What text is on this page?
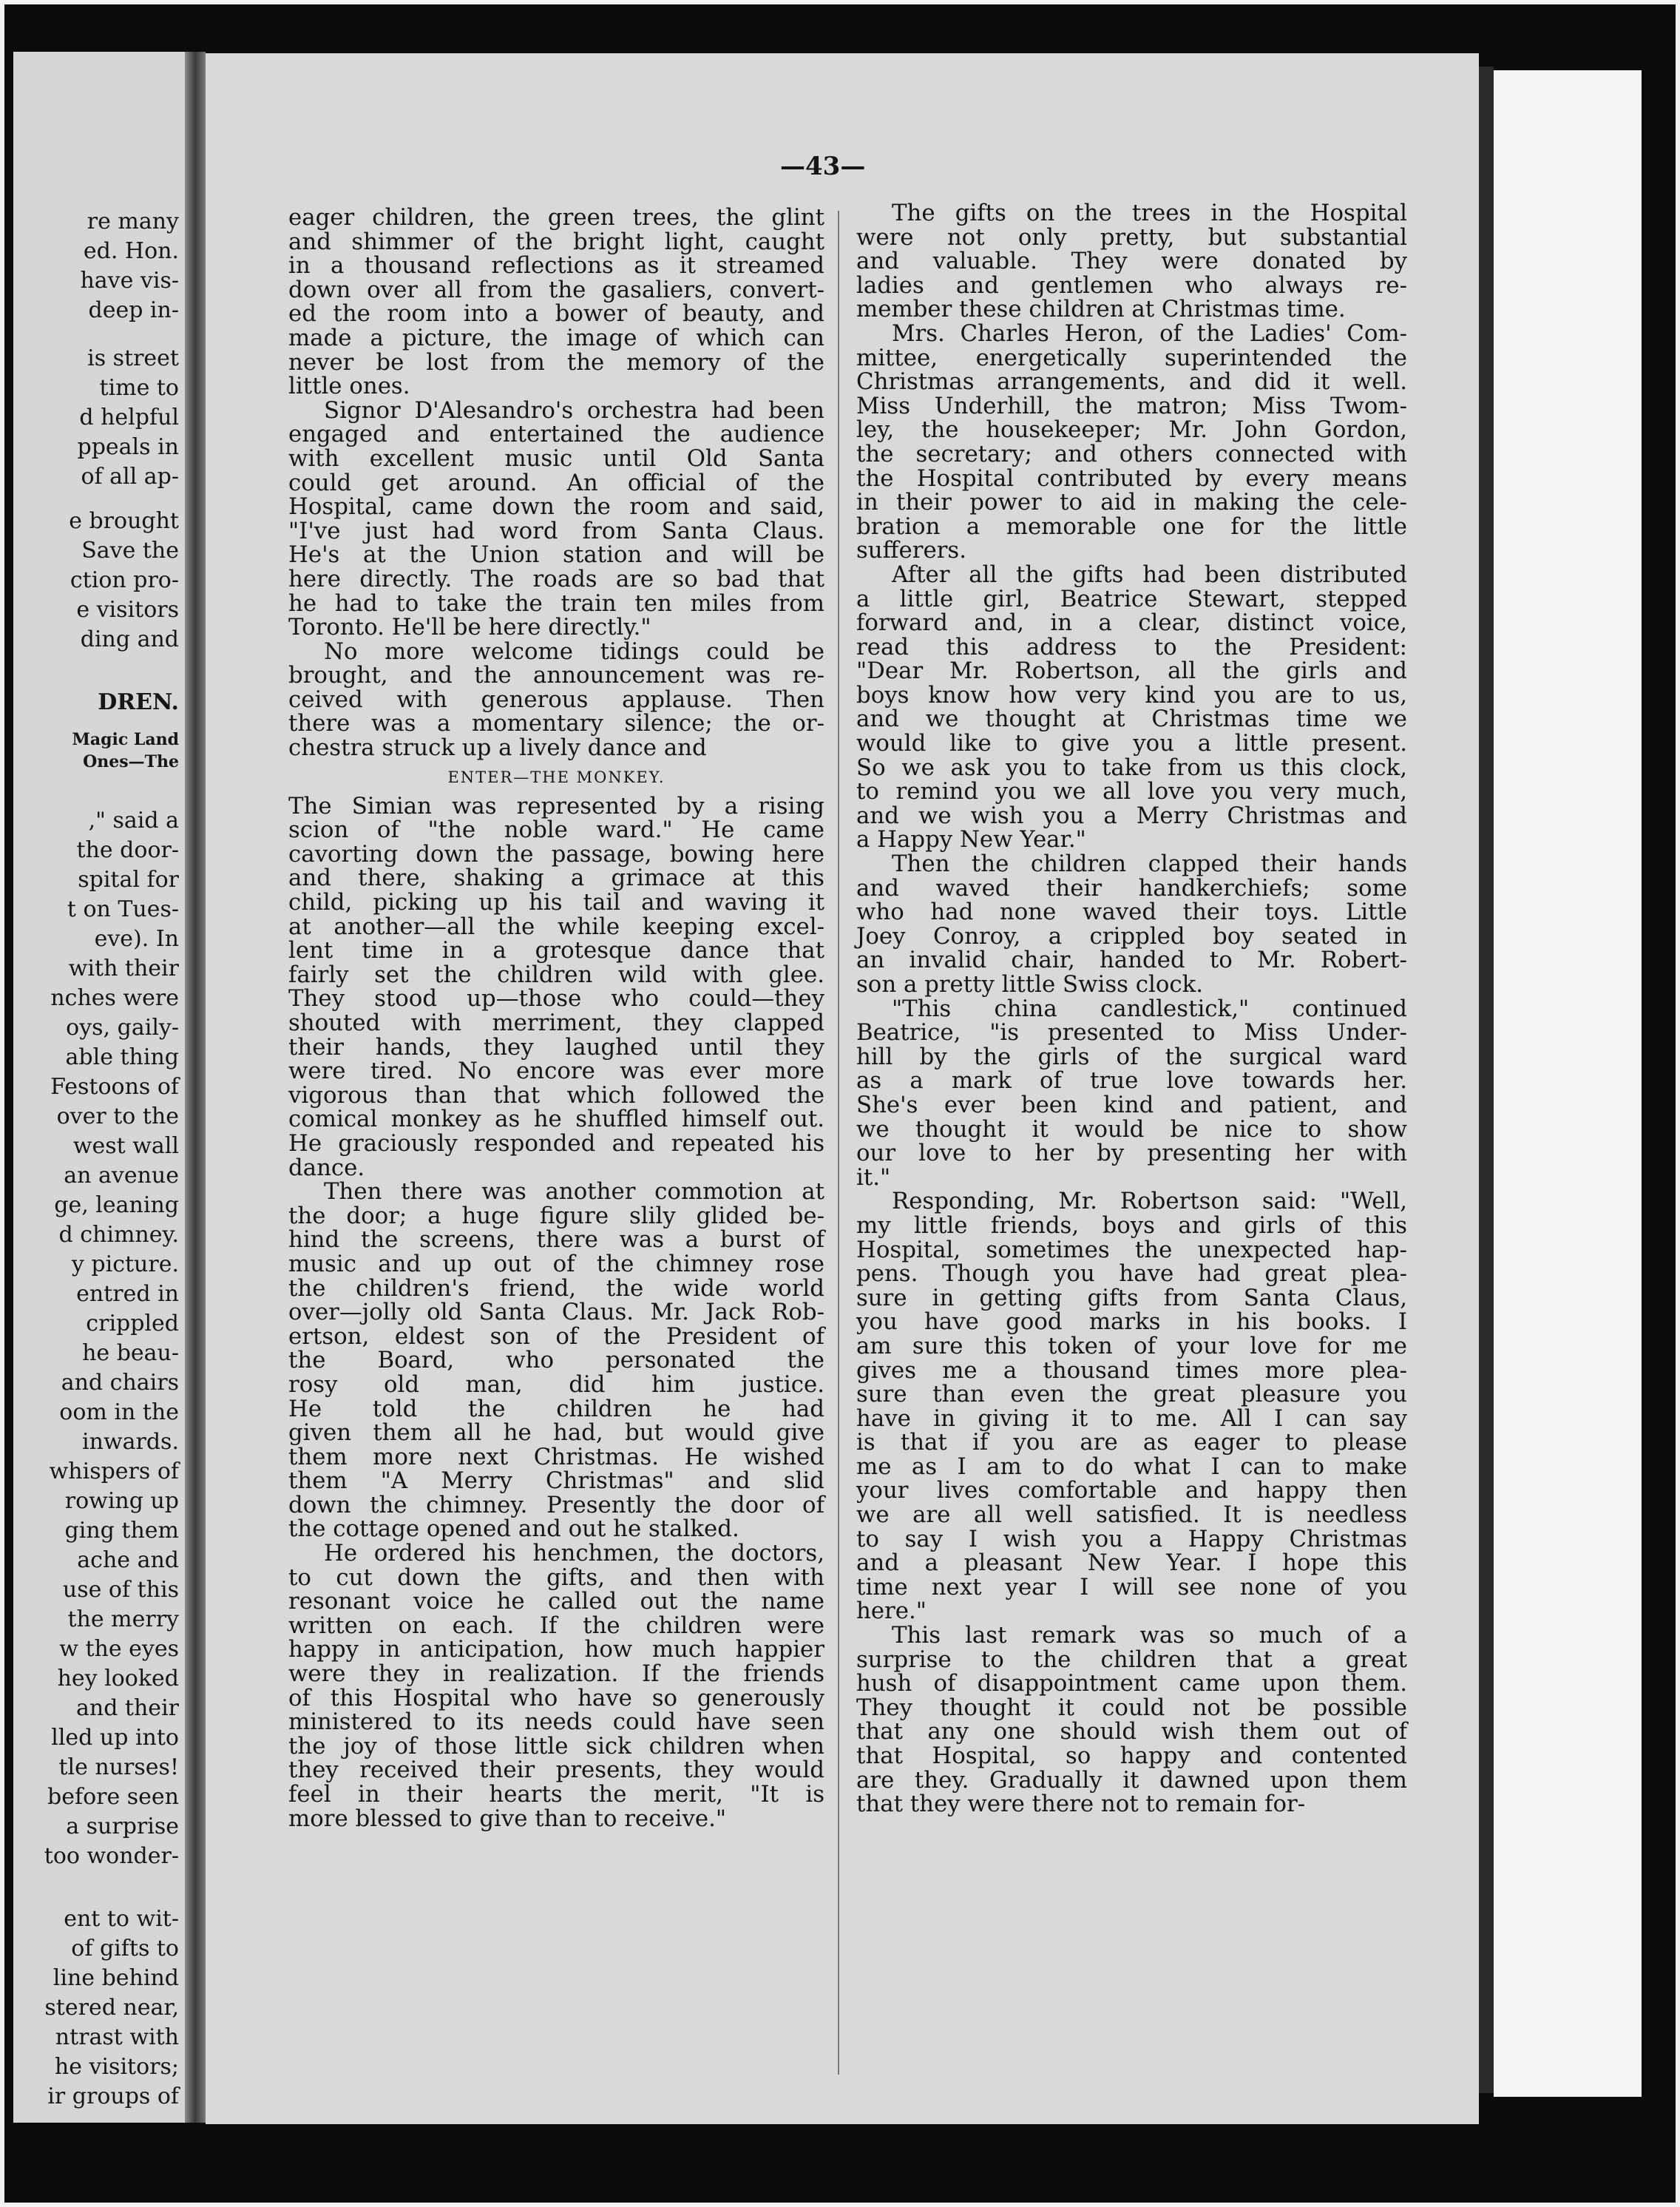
re many
ed. Hon.
have vis-
deep in-
is street
time to
d helpful
ppeals in
of all ap-
e brought
Save the
ction pro-
e visitors
ding and
DREN.
Magic Land
Ones—The
," said a
the door-
spital for
t on Tues-
eve). In
with their
nches were
oys, gaily-
able thing
Festoons of
over to the
west wall
an avenue
ge, leaning
d chimney.
y picture.
entred in
crippled
he beau-
and chairs
oom in the
inwards.
whispers of
rowing up
ging them
ache and
use of this
the merry
w the eyes
hey looked
and their
lled up into
tle nurses!
before seen
a surprise
too wonder-
ent to wit-
of gifts to
line behind
stered near,
ntrast with
he visitors;
ir groups of
—43—
eager children, the green trees, the glint
and shimmer of the bright light, caught
in a thousand reflections as it streamed
down over all from the gasaliers, convert-
ed the room into a bower of beauty, and
made a picture, the image of which can
never be lost from the memory of the
little ones.
Signor D'Alesandro's orchestra had been
engaged and entertained the audience
with excellent music until Old Santa
could get around. An official of the
Hospital, came down the room and said,
"I've just had word from Santa Claus.
He's at the Union station and will be
here directly. The roads are so bad that
he had to take the train ten miles from
Toronto. He'll be here directly."
No more welcome tidings could be
brought, and the announcement was re-
ceived with generous applause. Then
there was a momentary silence; the or-
chestra struck up a lively dance and
ENTER—THE MONKEY.
The Simian was represented by a rising
scion of "the noble ward." He came
cavorting down the passage, bowing here
and there, shaking a grimace at this
child, picking up his tail and waving it
at another—all the while keeping excel-
lent time in a grotesque dance that
fairly set the children wild with glee.
They stood up—those who could—they
shouted with merriment, they clapped
their hands, they laughed until they
were tired. No encore was ever more
vigorous than that which followed the
comical monkey as he shuffled himself out.
He graciously responded and repeated his
dance.
Then there was another commotion at
the door; a huge figure slily glided be-
hind the screens, there was a burst of
music and up out of the chimney rose
the children's friend, the wide world
over—jolly old Santa Claus. Mr. Jack Rob-
ertson, eldest son of the President of
the Board, who personated the
rosy old man, did him justice.
He told the children he had
given them all he had, but would give
them more next Christmas. He wished
them "A Merry Christmas" and slid
down the chimney. Presently the door of
the cottage opened and out he stalked.
He ordered his henchmen, the doctors,
to cut down the gifts, and then with
resonant voice he called out the name
written on each. If the children were
happy in anticipation, how much happier
were they in realization. If the friends
of this Hospital who have so generously
ministered to its needs could have seen
the joy of those little sick children when
they received their presents, they would
feel in their hearts the merit, "It is
more blessed to give than to receive."
The gifts on the trees in the Hospital
were not only pretty, but substantial
and valuable. They were donated by
ladies and gentlemen who always re-
member these children at Christmas time.
Mrs. Charles Heron, of the Ladies' Com-
mittee, energetically superintended the
Christmas arrangements, and did it well.
Miss Underhill, the matron; Miss Twom-
ley, the housekeeper; Mr. John Gordon,
the secretary; and others connected with
the Hospital contributed by every means
in their power to aid in making the cele-
bration a memorable one for the little
sufferers.
After all the gifts had been distributed
a little girl, Beatrice Stewart, stepped
forward and, in a clear, distinct voice,
read this address to the President:
"Dear Mr. Robertson, all the girls and
boys know how very kind you are to us,
and we thought at Christmas time we
would like to give you a little present.
So we ask you to take from us this clock,
to remind you we all love you very much,
and we wish you a Merry Christmas and
a Happy New Year."
Then the children clapped their hands
and waved their handkerchiefs; some
who had none waved their toys. Little
Joey Conroy, a crippled boy seated in
an invalid chair, handed to Mr. Robert-
son a pretty little Swiss clock.
"This china candlestick," continued
Beatrice, "is presented to Miss Under-
hill by the girls of the surgical ward
as a mark of true love towards her.
She's ever been kind and patient, and
we thought it would be nice to show
our love to her by presenting her with
it."
Responding, Mr. Robertson said: "Well,
my little friends, boys and girls of this
Hospital, sometimes the unexpected hap-
pens. Though you have had great plea-
sure in getting gifts from Santa Claus,
you have good marks in his books. I
am sure this token of your love for me
gives me a thousand times more plea-
sure than even the great pleasure you
have in giving it to me. All I can say
is that if you are as eager to please
me as I am to do what I can to make
your lives comfortable and happy then
we are all well satisfied. It is needless
to say I wish you a Happy Christmas
and a pleasant New Year. I hope this
time next year I will see none of you
here."
This last remark was so much of a
surprise to the children that a great
hush of disappointment came upon them.
They thought it could not be possible
that any one should wish them out of
that Hospital, so happy and contented
are they. Gradually it dawned upon them
that they were there not to remain for-
